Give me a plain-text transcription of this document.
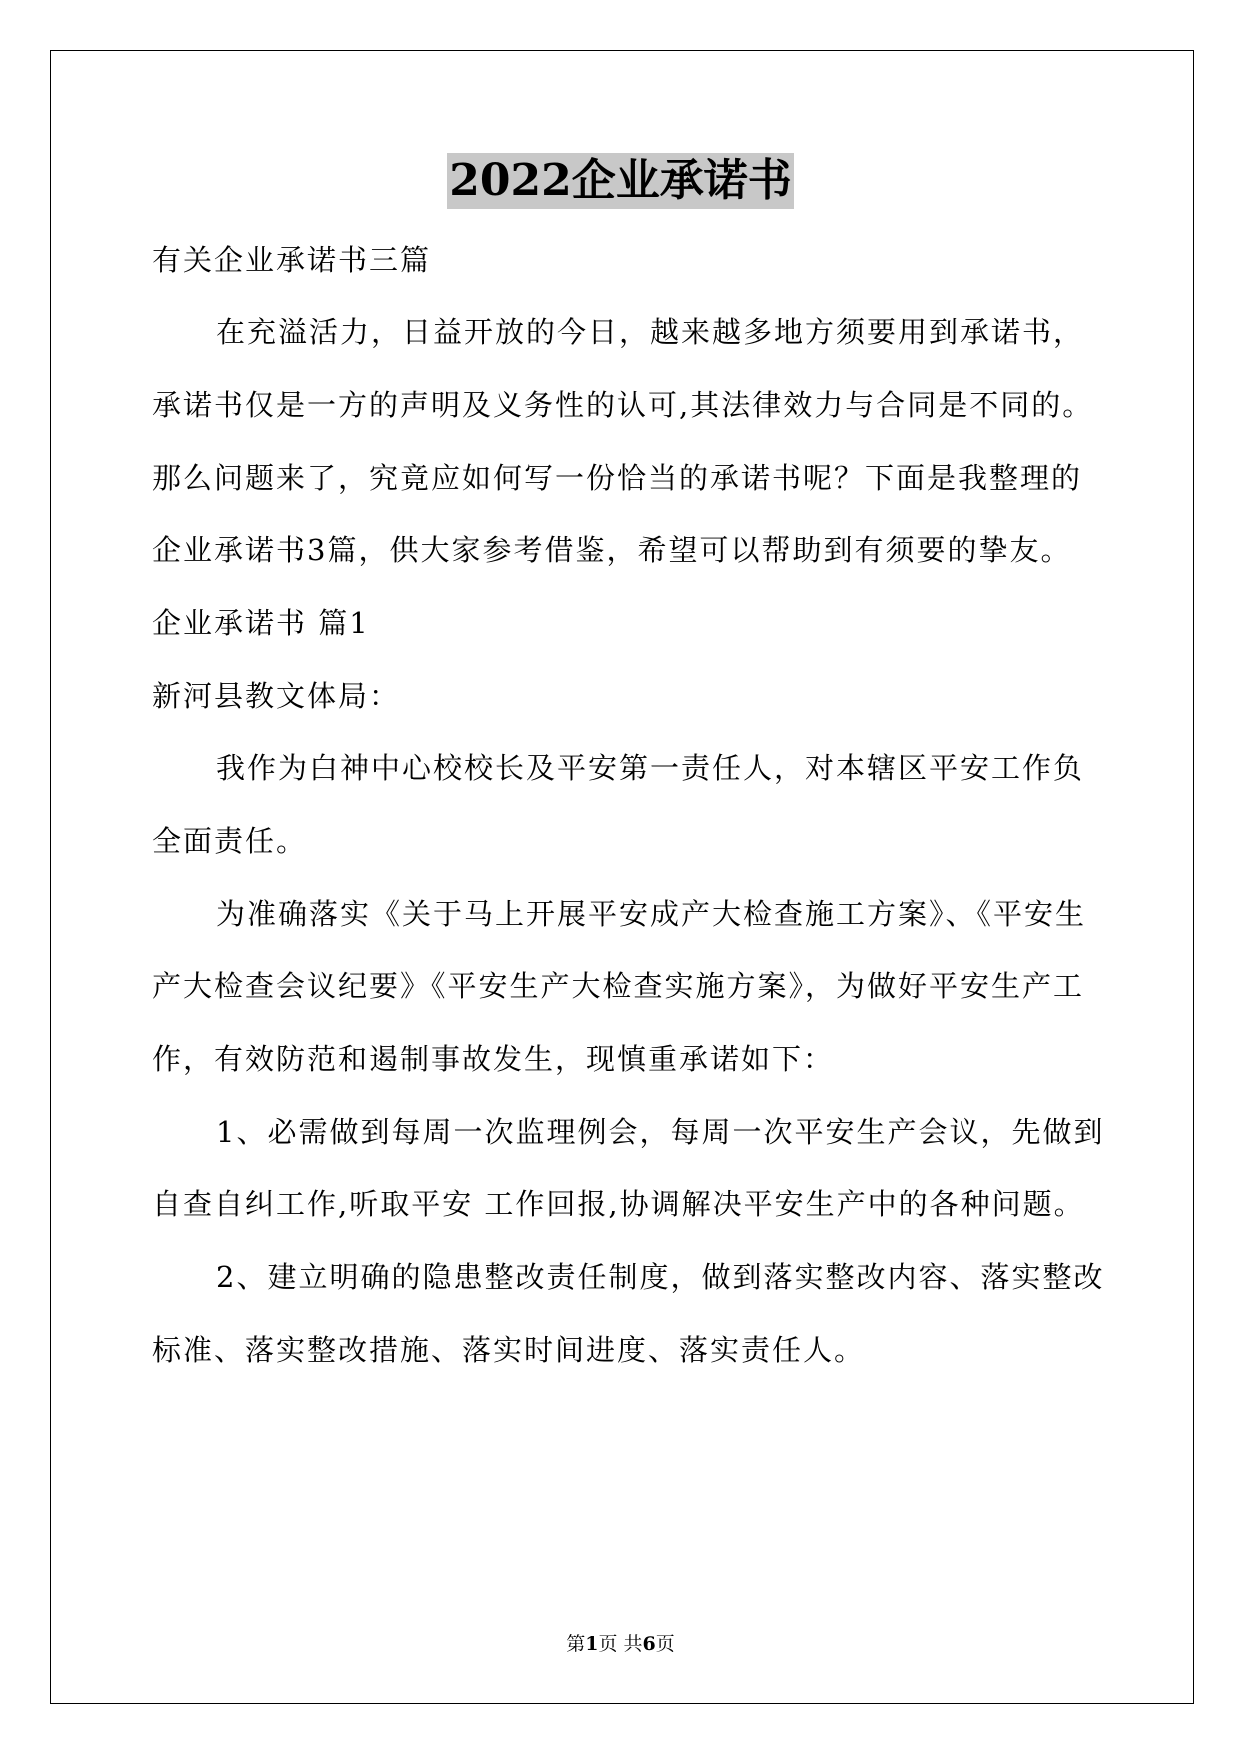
2022企业承诺书
有关企业承诺书三篇
在充溢活力，日益开放的今日，越来越多地方须要用到承诺书，
承诺书仅是一方的声明及义务性的认可,其法律效力与合同是不同的。
那么问题来了，究竟应如何写一份恰当的承诺书呢？下面是我整理的
企业承诺书3篇，供大家参考借鉴，希望可以帮助到有须要的挚友。
企业承诺书 篇1
新河县教文体局：
我作为白神中心校校长及平安第一责任人，对本辖区平安工作负
全面责任。
为准确落实《关于马上开展平安成产大检查施工方案》、《平安生
产大检查会议纪要》《平安生产大检查实施方案》，为做好平安生产工
作，有效防范和遏制事故发生，现慎重承诺如下：
1、必需做到每周一次监理例会，每周一次平安生产会议，先做到
自查自纠工作,听取平安 工作回报,协调解决平安生产中的各种问题。
2、建立明确的隐患整改责任制度，做到落实整改内容、落实整改
标准、落实整改措施、落实时间进度、落实责任人。
第1页 共6页
